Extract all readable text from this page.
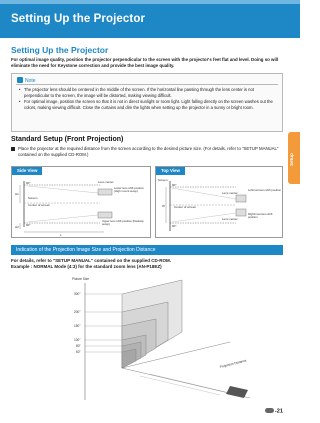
Setting Up the Projector
Setup
Setting Up the Projector
For optimal image quality, position the projector perpendicular to the screen with the projector's feet flat and level. Doing so will eliminate the need for Keystone correction and provide the best image quality.
Note
• The projector lens should be centered in the middle of the screen. If the horizontal line passing through the lens center is not perpendicular to the screen, the image will be distorted, making viewing difficult.
• For optimal image, position the screen so that it is not in direct sunlight or room light. Light falling directly on the screen washes out the colors, making viewing difficult. Close the curtains and dim the lights when setting up the projector in a sunny or bright room.
Standard Setup (Front Projection)
Place the projector at the required distance from the screen according to the desired picture size. (For details, refer to "SETUP MANUAL" contained on the supplied CD-ROM.)
Side View
90°
90°
H1
H2
L
Screen
Center of screen
Lens center
Lower lens shift position (High mount setup)
Upper lens shift position (Desktop setup)
Top View
90°
90°
W
Screen
Center of screen
Lens center
Lens center
Leftmost lens shift position
Rightmost lens shift position
Indication of the Projection Image Size and Projection Distance
For details, refer to "SETUP MANUAL" contained on the supplied CD-ROM.
Example : NORMAL Mode (4:3) for the standard zoom lens (AN-P18EZ)
Picture Size
300"
200"
150"
100"
80"
60"
Projection Distance
-21
